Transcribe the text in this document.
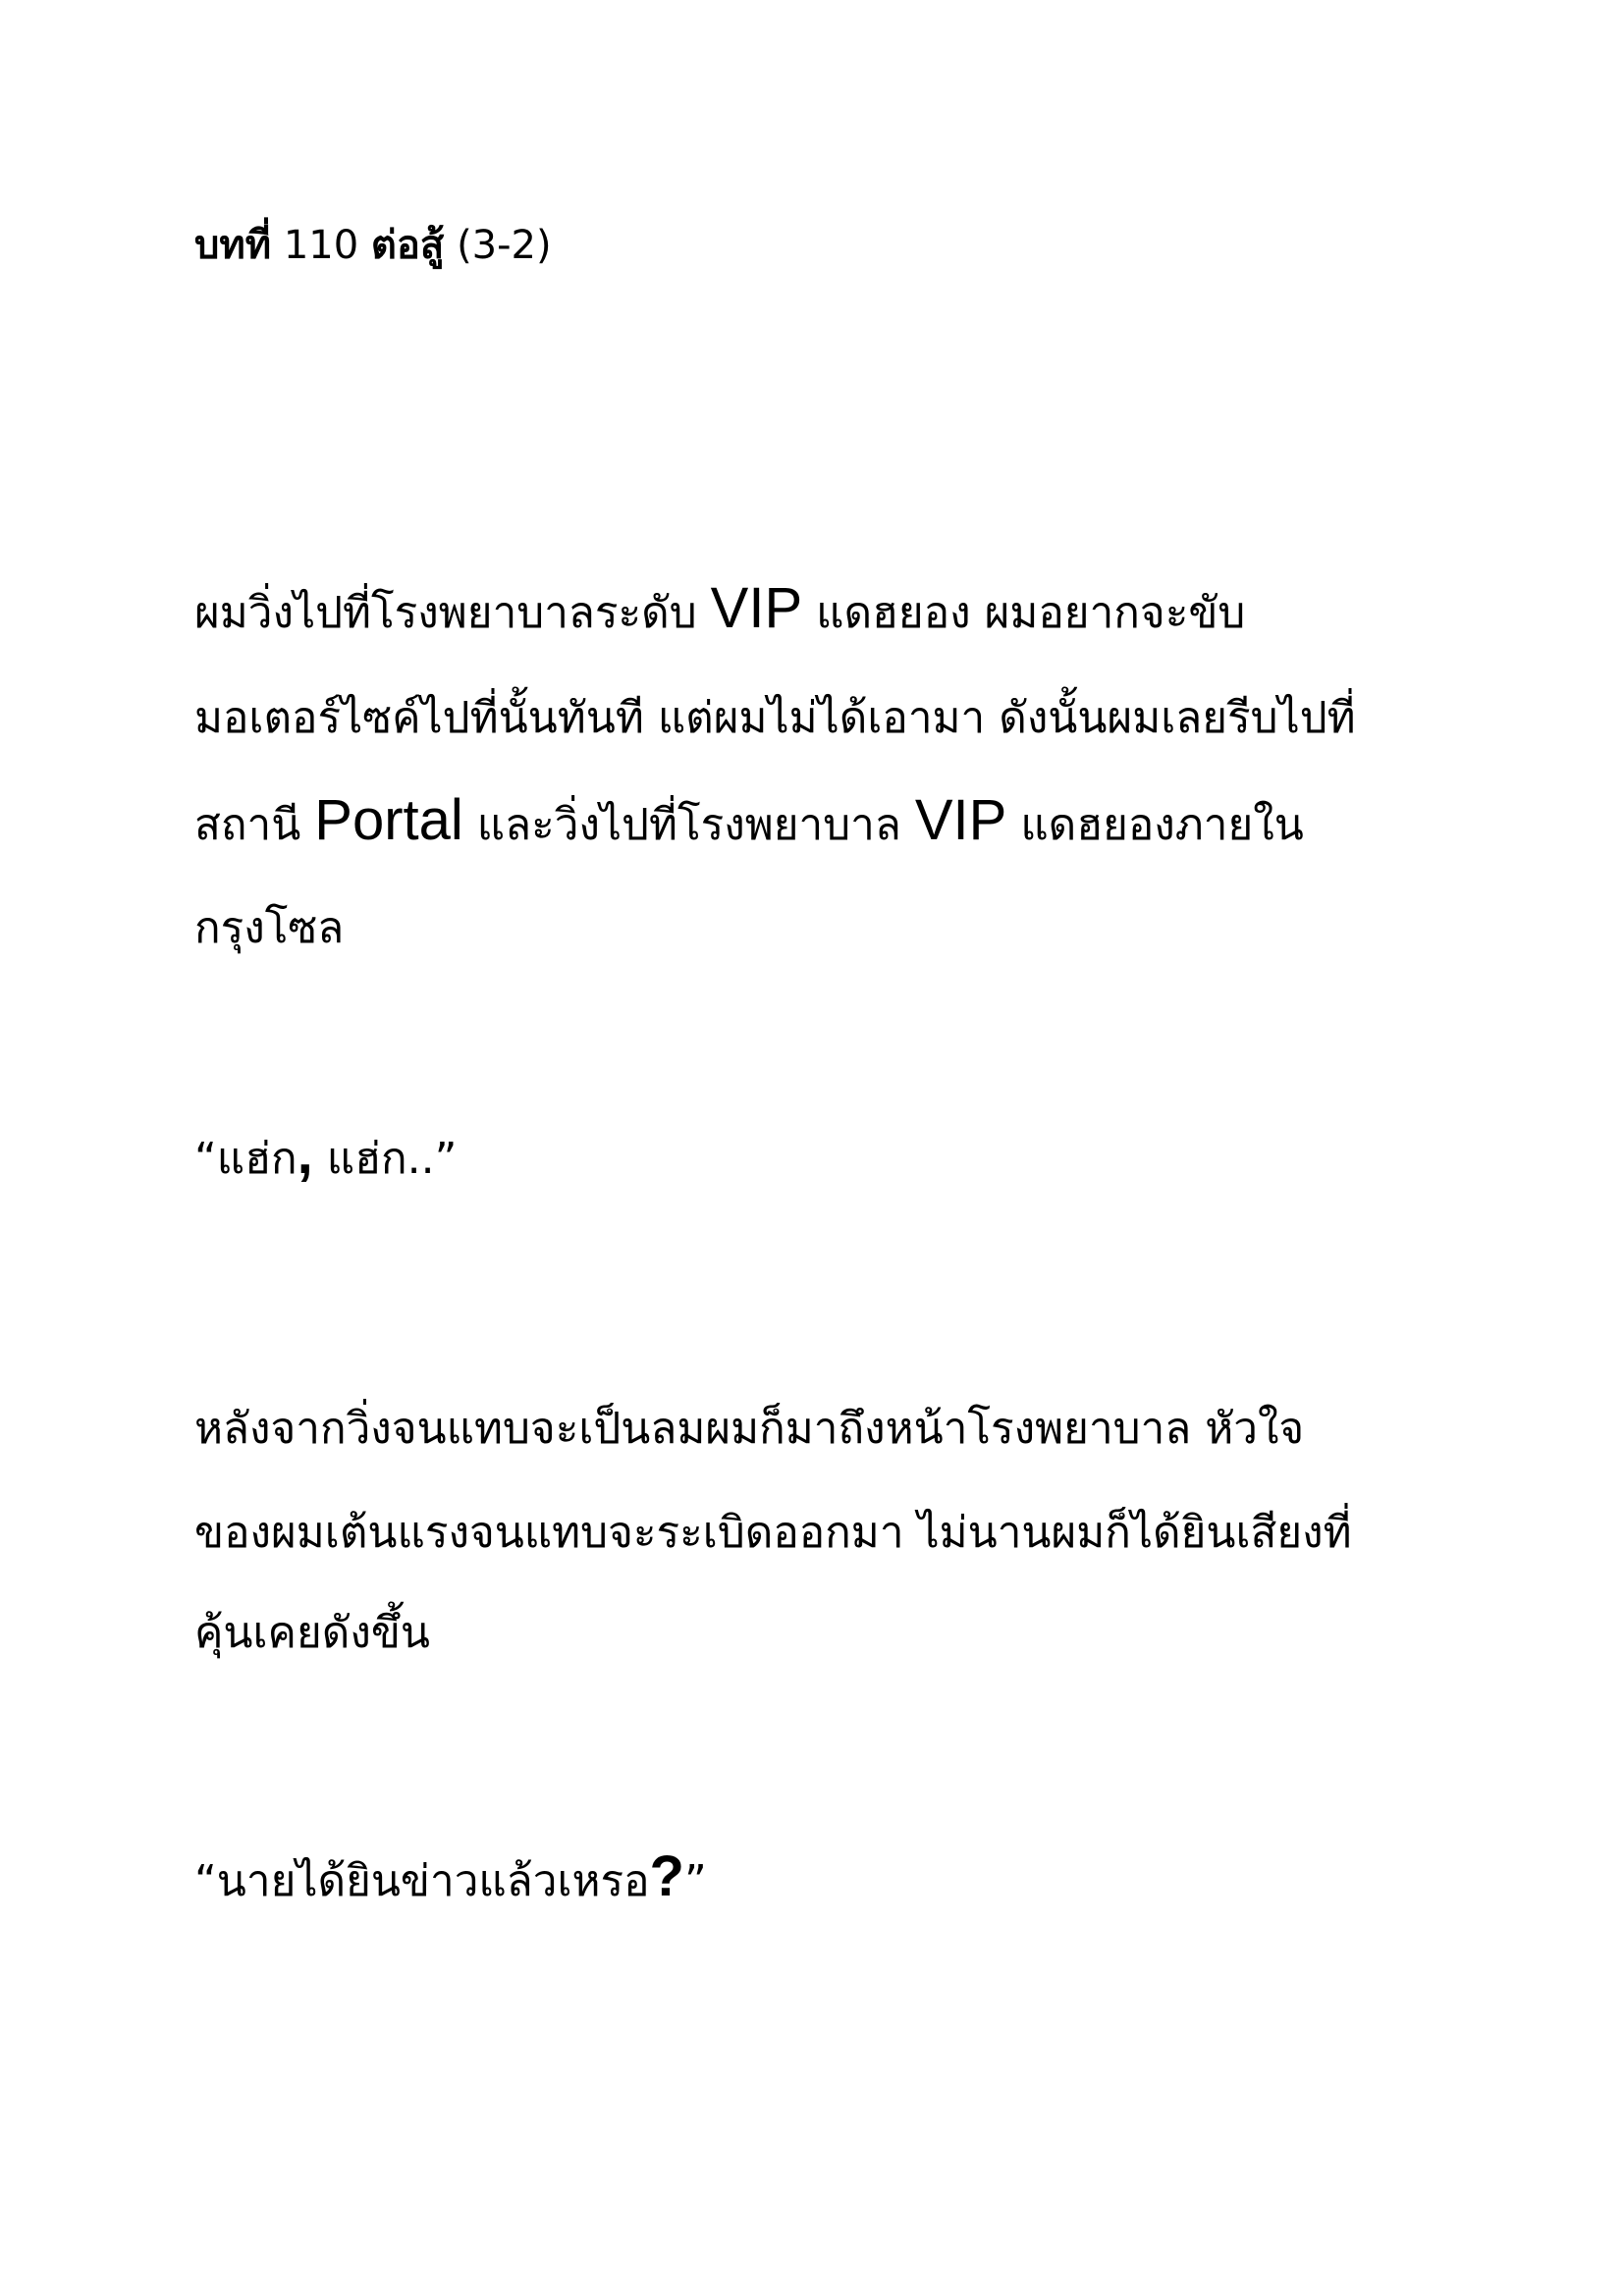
บทที่ 110 ต่อสู้ (3-2)
ผมวิ่งไปที่โรงพยาบาลระดับ VIP แดฮยอง ผมอยากจะขับ
มอเตอร์ไซค์ไปที่นั้นทันที แต่ผมไม่ได้เอามา ดังนั้นผมเลยรีบไปที่
สถานี Portal และวิ่งไปที่โรงพยาบาล VIP แดฮยองภายใน
กรุงโซล
“แฮ่ก, แฮ่ก..”
หลังจากวิ่งจนแทบจะเป็นลมผมก็มาถึงหน้าโรงพยาบาล หัวใจ
ของผมเต้นแรงจนแทบจะระเบิดออกมา ไม่นานผมก็ได้ยินเสียงที่
คุ้นเคยดังขึ้น
“นายได้ยินข่าวแล้วเหรอ?”
